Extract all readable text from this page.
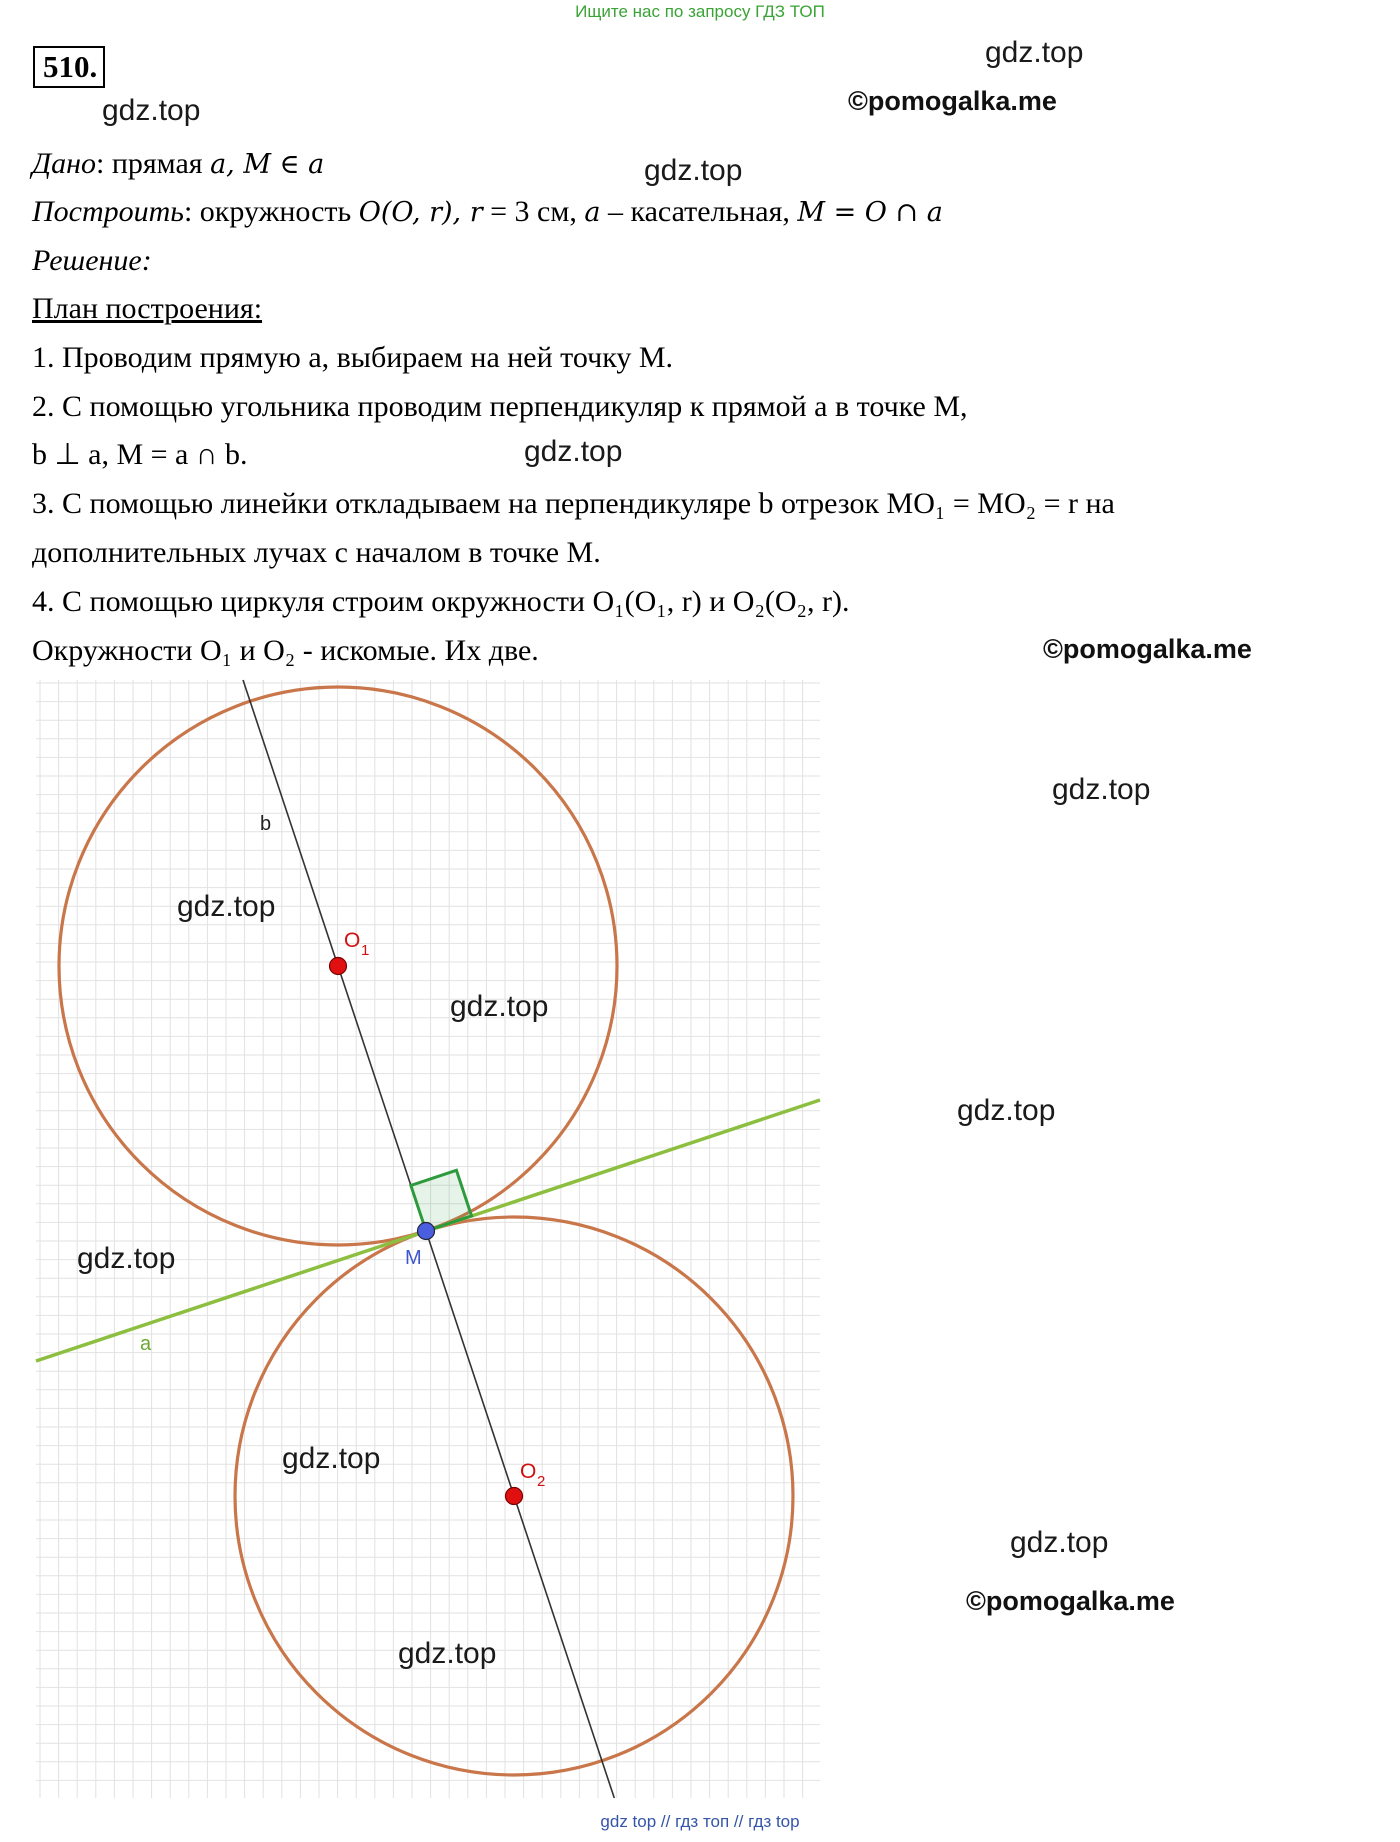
Ищите нас по запросу ГДЗ ТОП
510.	gdz.top
©pomogalka.me
gdz.top
gdz.top
gdz.top
©pomogalka.me
Дано: прямая a, M ∈ a
Построить: окружность O(O, r), r = 3 см, a – касательная, M = O ∩ a
Решение:
План построения:
1. Проводим прямую a, выбираем на ней точку M.
2. С помощью угольника проводим перпендикуляр к прямой a в точке M,
b ⊥ a, M = a ∩ b.
3. С помощью линейки откладываем на перпендикуляре b отрезок MO₁ = MO₂ = r на
дополнительных лучах с началом в точке M.
4. С помощью циркуля строим окружности O₁(O₁, r) и O₂(O₂, r).
Окружности O₁ и O₂ - искомые. Их две.
b
a
M
O 1
O 2
gdz.top
gdz.top
gdz.top
gdz.top
gdz.top
gdz.top
gdz.top
©pomogalka.me
gdz.top
gdz top // гдз топ // гдз top
